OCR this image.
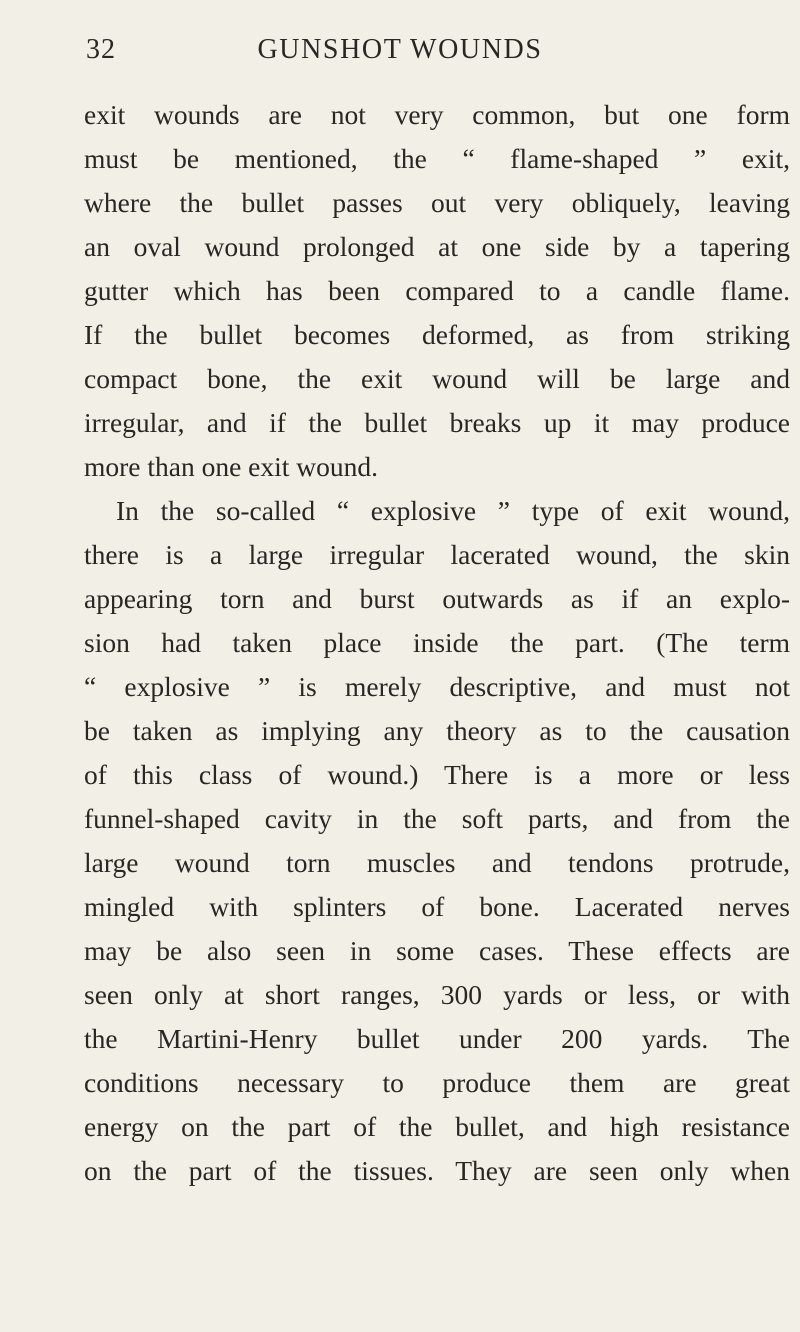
32	GUNSHOT WOUNDS
exit wounds are not very common, but one form
must be mentioned, the “ flame-shaped ” exit,
where the bullet passes out very obliquely, leaving
an oval wound prolonged at one side by a tapering
gutter which has been compared to a candle flame.
If the bullet becomes deformed, as from striking
compact bone, the exit wound will be large and
irregular, and if the bullet breaks up it may produce
more than one exit wound.
In the so-called “ explosive ” type of exit wound,
there is a large irregular lacerated wound, the skin
appearing torn and burst outwards as if an explo-
sion had taken place inside the part. (The term
“ explosive ” is merely descriptive, and must not
be taken as implying any theory as to the causation
of this class of wound.) There is a more or less
funnel-shaped cavity in the soft parts, and from the
large wound torn muscles and tendons protrude,
mingled with splinters of bone. Lacerated nerves
may be also seen in some cases. These effects are
seen only at short ranges, 300 yards or less, or with
the Martini-Henry bullet under 200 yards. The
conditions necessary to produce them are great
energy on the part of the bullet, and high resistance
on the part of the tissues. They are seen only when
